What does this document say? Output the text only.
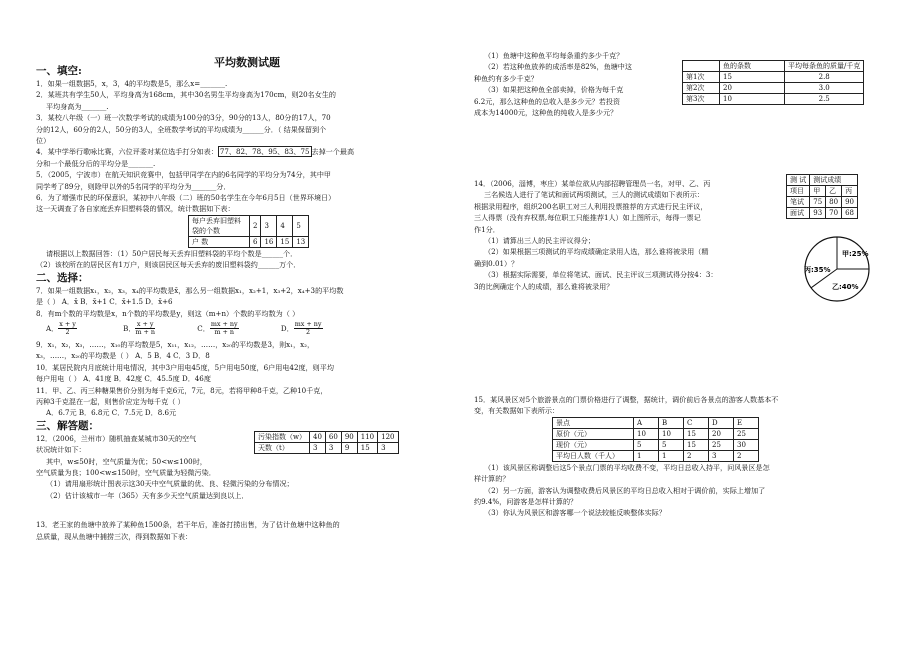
平均数测试题
一、填空:
1．如果一组数据5，x，3，4的平均数是5，那么x=_______.
2．某班共有学生50人，平均身高为168cm，其中30名男生平均身高为170cm，则20名女生的
平均身高为_______.
3．某校八年级（一）班一次数学考试的成绩为100分的3分，90分的13人，80分的17人，70
分的12人，60分的2人，50分的3人，全班数学考试的平均成绩为______分．（ 结果保留到个
位）
4．某中学举行歌咏比赛，六位评委对某位选手打分如表： 77、82、78、95、83、75 去掉一个最高
分和一个最低分后的平均分是_______.
5．（2005，宁波市）在航天知识竞赛中，包括甲同学在内的6名同学的平均分为74分，其中甲
同学考了89分，则除甲以外的5名同学的平均分为_______分．
6．为了增强市民的环保意识，某初中八年级（二）班的50名学生在今年6月5日（世界环境日）
这一天调查了各自家庭丢弃旧塑料袋的情况，统计数据如下表：
每户丢弃旧塑料袋的个数	2	3	4	5
户 数	6	16	15	13
请根据以上数据回答：（1）50户居民每天丢弃旧塑料袋的平均个数是______个．
（2）该校所在的居民区有1万户，则该居民区每天丢弃的废旧塑料袋约______万个．
二、选择：
7．如果一组数据x₁，x₂，x₃，x₄的平均数是x̄，那么另一组数据x₁，x₂+1，x₃+2，x₄+3的平均数
是（ ） A．x̄ B．x̄+1 C．x̄+1.5 D．x̄+6
8．有m个数的平均数是x，n个数的平均数是y，则这（m+n）个数的平均数为（ ）
A． $\frac{x + y}{2}$	B． $\frac{x + y}{m + n}$	C． $\frac{mx + ny}{m + n}$	D． $\frac{mx + ny}{2}$
9．x₁，x₂，x₃，……，x₁₀的平均数是5，x₁₁，x₁₂，……，x₂₀的平均数是3，则x₁，x₂，
x₃，……，x₂₀的平均数是（ ） A．5 B．4 C．3 D．8
10．某居民院内月底统计用电情况，其中3户用电45度，5户用电50度，6户用电42度，则平均
每户用电（ ） A．41度 B．42度 C．45.5度 D．46度
11．甲、乙、丙三种糖果售价分别为每千克6元，7元，8元，若将甲种8千克，乙种10千克，
丙种3千克混在一起，则售价应定为每千克（ ）
A．6.7元 B．6.8元 C．7.5元 D．8.6元
三、解答题：
污染指数（w）	40	60	90	110	120
天数（t）	3	3	9	15	3
12．（2006，兰州市）随机抽查某城市30天的空气
状况统计如下：
其中，w≤50时，空气质量为优；50<w≤100时，
空气质量为良；100<w≤150时，空气质量为轻微污染．
（1）请用扇形统计图表示这30天中空气质量的优、良、轻微污染的分布情况；
（2）估计该城市一年（365）天有多少天空气质量达到良以上．
13．老王家的鱼塘中放养了某种鱼1500条，若干年后，准备打捞出售，为了估计鱼塘中这种鱼的
总质量，现从鱼塘中捕捞三次，得到数据如下表：
（1）鱼塘中这种鱼平均每条重约多少千克？
（2）若这种鱼放养的成活率是82%，鱼塘中这
种鱼约有多少千克？
（3）如果把这种鱼全部卖掉，价格为每千克
6.2元，那么这种鱼的总收入是多少元？若投资
成本为14000元，这种鱼的纯收入是多少元？
	鱼的条数	平均每条鱼的质量/千克
第1次	15	2.8
第2次	20	3.0
第3次	10	2.5
14．（2006，淄博，枣庄）某单位欲从内部招聘管理员一名，对甲、乙、丙
三名候选人进行了笔试和面试两项测试，三人的测试成绩如下表所示：
根据录用程序，组织200名职工对三人利用投票推荐的方式进行民主评议，
三人得票（没有弃权票,每位职工只能推荐1人）如上图所示，每得一票记
作1分．
（1）请算出三人的民主评议得分；
（2）如果根据三项测试的平均成绩确定录用人选，那么谁将被录用（精
确到0.01）？
（3）根据实际需要，单位将笔试、面试、民主评议三项测试得分按4：3：
3的比例确定个人的成绩，那么谁将被录用？
测 试	测试成绩		
项目	甲	乙	丙
笔试	75	80	90
面试	93	70	68
甲:25%
乙:40%
丙:35%
15．某风景区对5个旅游景点的门票价格进行了调整，据统计，调价前后各景点的游客人数基本不
变，有关数据如下表所示：
景点	A	B	C	D	E
原价（元）	10	10	15	20	25
现价（元）	5	5	15	25	30
平均日人数（千人）	1	1	2	3	2
（1）该风景区称调整后这5个景点门票的平均收费不变，平均日总收入持平，问风景区是怎
样计算的？
（2）另一方面，游客认为调整收费后风景区的平均日总收入相对于调价前，实际上增加了
约9.4%，问游客是怎样计算的？
（3）你认为风景区和游客哪一个说法较能反映整体实际？
